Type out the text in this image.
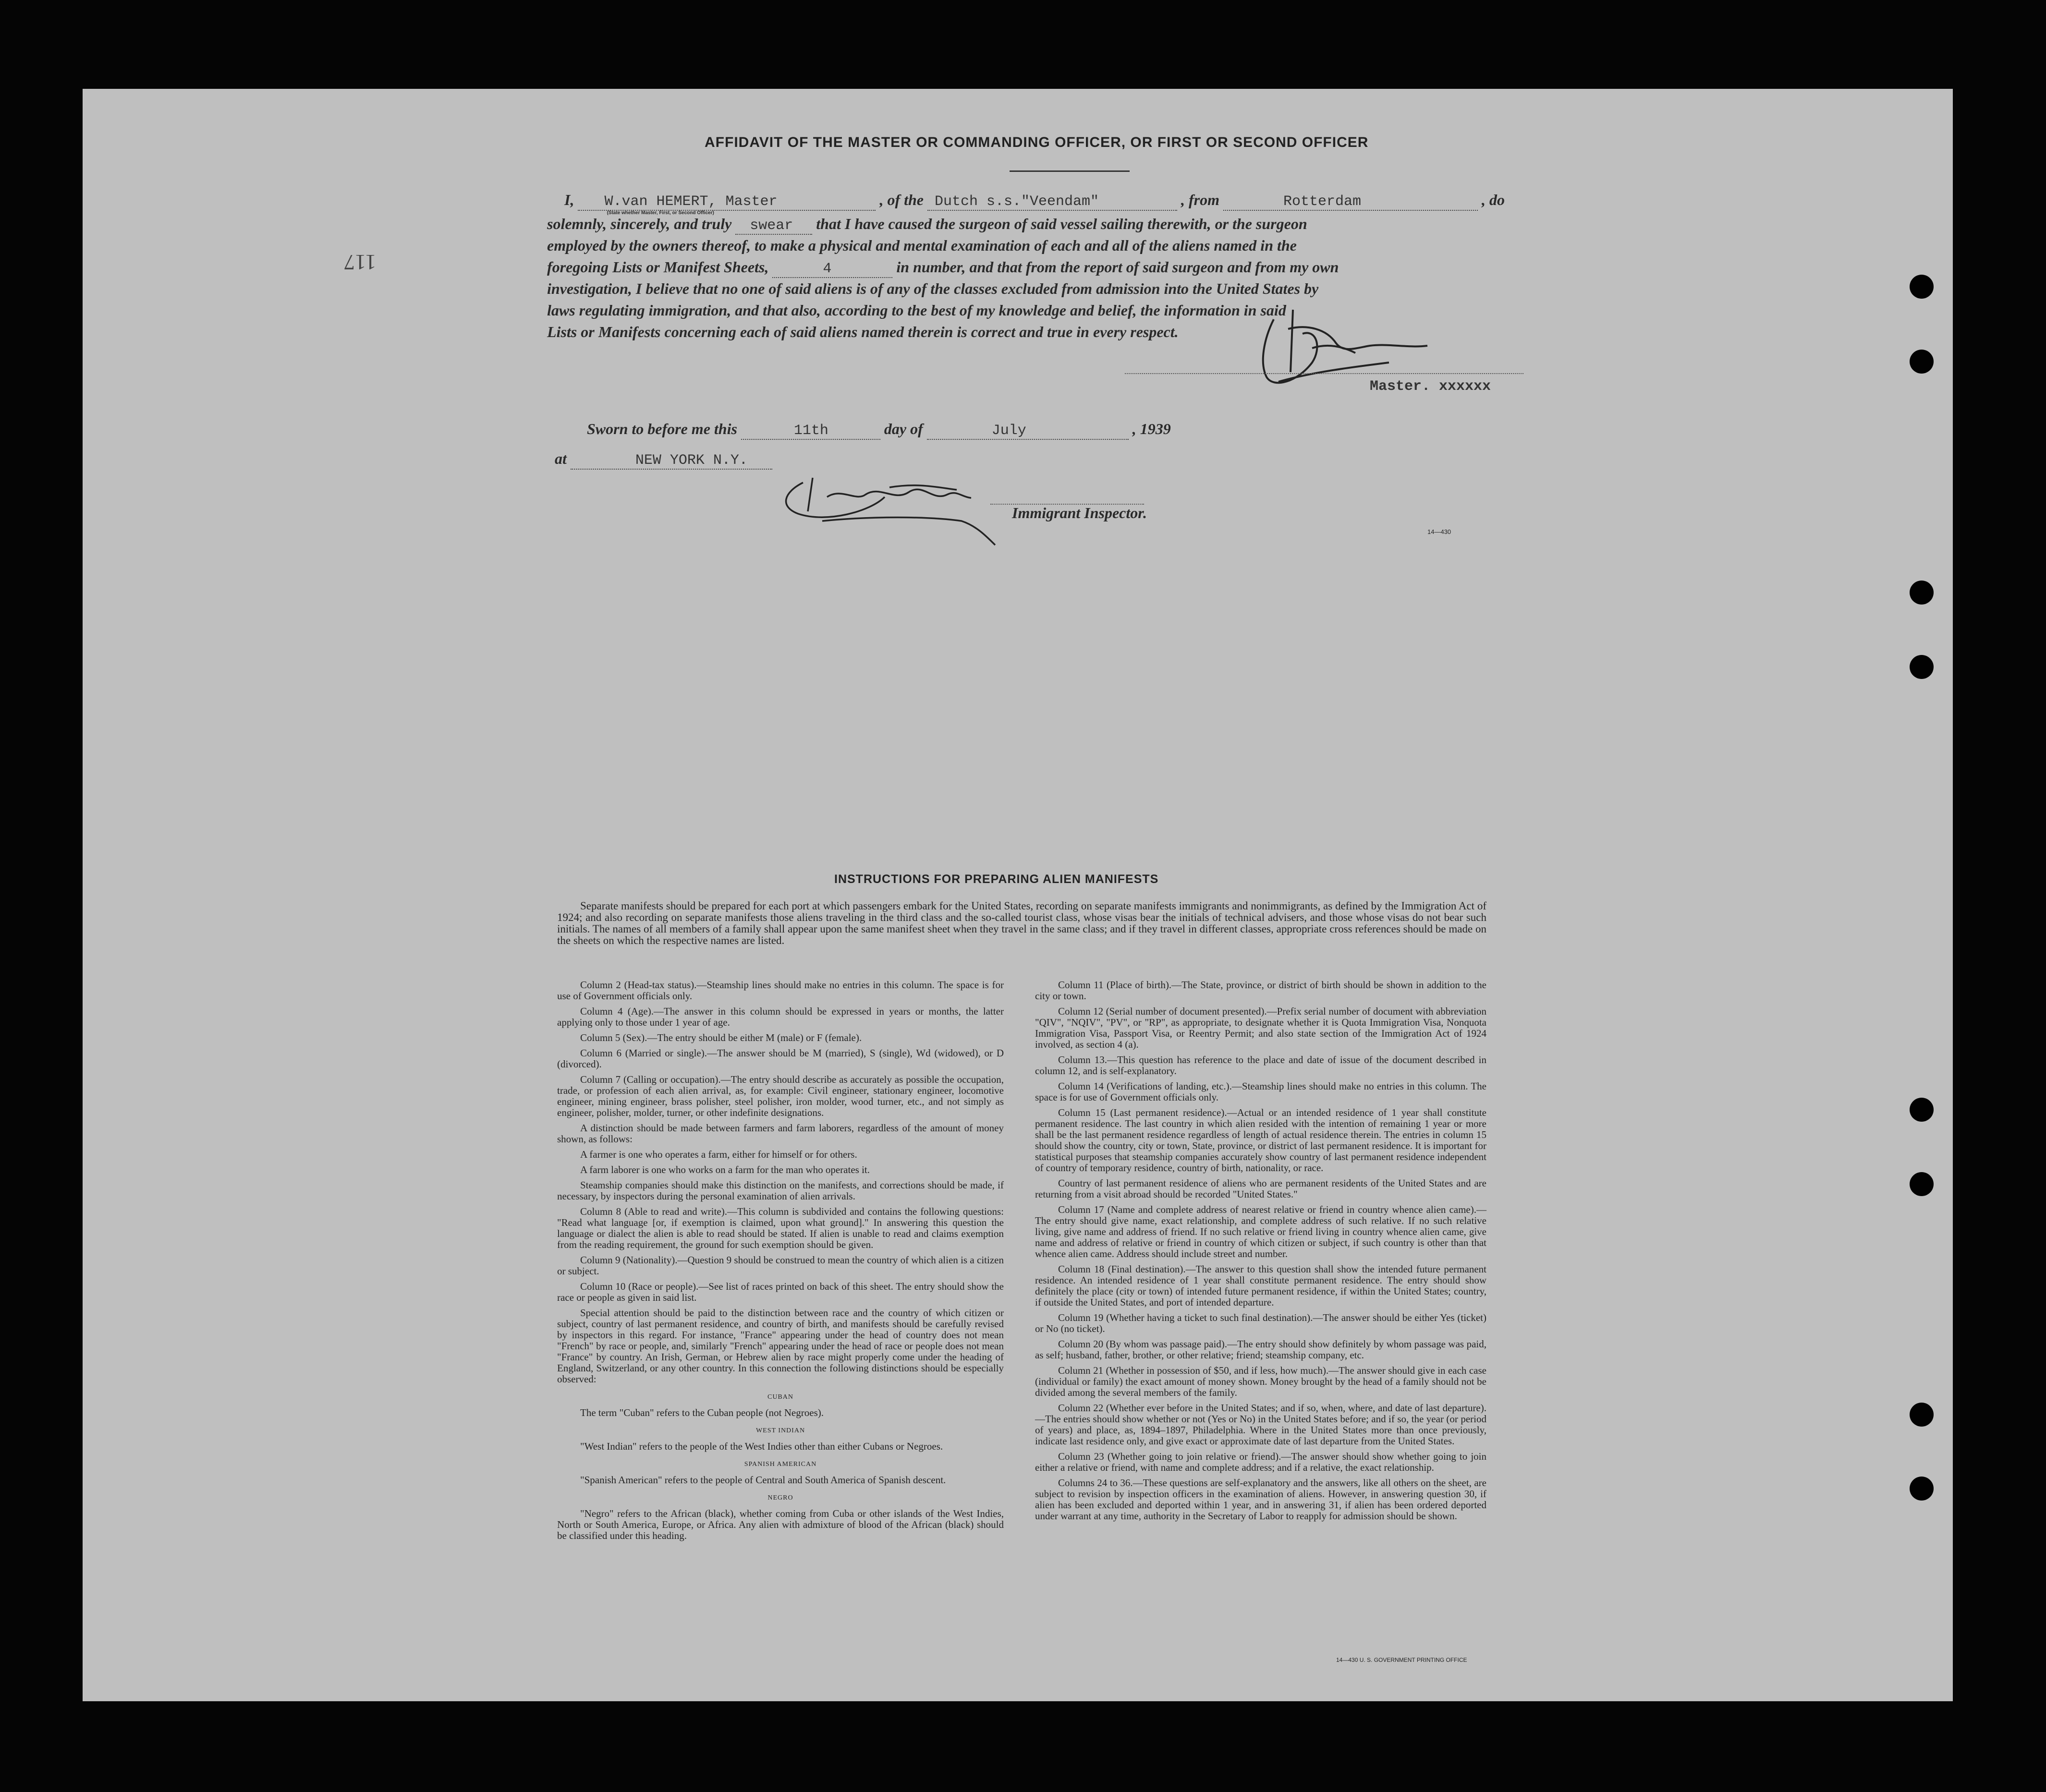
117
AFFIDAVIT OF THE MASTER OR COMMANDING OFFICER, OR FIRST OR SECOND OFFICER
I, W.van HEMERT, Master
(State whether Master, First, or Second Officer)
, of the Dutch s.s."Veendam"	, from	Rotterdam	, do
solemnly, sincerely, and truly swear that I have caused the surgeon of said vessel sailing therewith, or the surgeon
employed by the owners thereof, to make a physical and mental examination of each and all of the aliens named in the
foregoing Lists or Manifest Sheets,	4	in number, and that from the report of said surgeon and from my own
investigation, I believe that no one of said aliens is of any of the classes excluded from admission into the United States by
laws regulating immigration, and that also, according to the best of my knowledge and belief, the information in said
Lists or Manifests concerning each of said aliens named therein is correct and true in every respect.
Master. xxxxxx
Sworn to before me this	11th	day of	July	, 1939
at	NEW YORK N.Y.
Immigrant Inspector.
14—430
INSTRUCTIONS FOR PREPARING ALIEN MANIFESTS

Separate manifests should be prepared for each port at which passengers embark for the United States, recording on separate manifests immigrants and nonimmigrants, as defined by the Immigration Act of 1924; and also recording on separate manifests those aliens traveling in the third class and the so-called tourist class, whose visas bear the initials of technical advisers, and those whose visas do not bear such initials. The names of all members of a family shall appear upon the same manifest sheet when they travel in the same class; and if they travel in different classes, appropriate cross references should be made on the sheets on which the respective names are listed.

Column 2 (Head-tax status).—Steamship lines should make no entries in this column. The space is for use of Government officials only.

Column 4 (Age).—The answer in this column should be expressed in years or months, the latter applying only to those under 1 year of age.

Column 5 (Sex).—The entry should be either M (male) or F (female).

Column 6 (Married or single).—The answer should be M (married), S (single), Wd (widowed), or D (divorced).

Column 7 (Calling or occupation).—The entry should describe as accurately as possible the occupation, trade, or profession of each alien arrival, as, for example: Civil engineer, stationary engineer, locomotive engineer, mining engineer, brass polisher, steel polisher, iron molder, wood turner, etc., and not simply as engineer, polisher, molder, turner, or other indefinite designations.

A distinction should be made between farmers and farm laborers, regardless of the amount of money shown, as follows:

A farmer is one who operates a farm, either for himself or for others.

A farm laborer is one who works on a farm for the man who operates it.

Steamship companies should make this distinction on the manifests, and corrections should be made, if necessary, by inspectors during the personal examination of alien arrivals.

Column 8 (Able to read and write).—This column is subdivided and contains the following questions: "Read what language [or, if exemption is claimed, upon what ground]." In answering this question the language or dialect the alien is able to read should be stated. If alien is unable to read and claims exemption from the reading requirement, the ground for such exemption should be given.

Column 9 (Nationality).—Question 9 should be construed to mean the country of which alien is a citizen or subject.

Column 10 (Race or people).—See list of races printed on back of this sheet. The entry should show the race or people as given in said list.

Special attention should be paid to the distinction between race and the country of which citizen or subject, country of last permanent residence, and country of birth, and manifests should be carefully revised by inspectors in this regard. For instance, "France" appearing under the head of country does not mean "French" by race or people, and, similarly "French" appearing under the head of race or people does not mean "France" by country. An Irish, German, or Hebrew alien by race might properly come under the heading of England, Switzerland, or any other country. In this connection the following distinctions should be especially observed:

CUBAN

The term "Cuban" refers to the Cuban people (not Negroes).

WEST INDIAN

"West Indian" refers to the people of the West Indies other than either Cubans or Negroes.

SPANISH AMERICAN

"Spanish American" refers to the people of Central and South America of Spanish descent.

NEGRO

"Negro" refers to the African (black), whether coming from Cuba or other islands of the West Indies, North or South America, Europe, or Africa. Any alien with admixture of blood of the African (black) should be classified under this heading.

Column 11 (Place of birth).—The State, province, or district of birth should be shown in addition to the city or town.

Column 12 (Serial number of document presented).—Prefix serial number of document with abbreviation "QIV", "NQIV", "PV", or "RP", as appropriate, to designate whether it is Quota Immigration Visa, Nonquota Immigration Visa, Passport Visa, or Reentry Permit; and also state section of the Immigration Act of 1924 involved, as section 4 (a).

Column 13.—This question has reference to the place and date of issue of the document described in column 12, and is self-explanatory.

Column 14 (Verifications of landing, etc.).—Steamship lines should make no entries in this column. The space is for use of Government officials only.

Column 15 (Last permanent residence).—Actual or an intended residence of 1 year shall constitute permanent residence. The last country in which alien resided with the intention of remaining 1 year or more shall be the last permanent residence regardless of length of actual residence therein. The entries in column 15 should show the country, city or town, State, province, or district of last permanent residence. It is important for statistical purposes that steamship companies accurately show country of last permanent residence independent of country of temporary residence, country of birth, nationality, or race.

Country of last permanent residence of aliens who are permanent residents of the United States and are returning from a visit abroad should be recorded "United States."

Column 17 (Name and complete address of nearest relative or friend in country whence alien came).—The entry should give name, exact relationship, and complete address of such relative. If no such relative living, give name and address of friend. If no such relative or friend living in country whence alien came, give name and address of relative or friend in country of which citizen or subject, if such country is other than that whence alien came. Address should include street and number.

Column 18 (Final destination).—The answer to this question shall show the intended future permanent residence. An intended residence of 1 year shall constitute permanent residence. The entry should show definitely the place (city or town) of intended future permanent residence, if within the United States; country, if outside the United States, and port of intended departure.

Column 19 (Whether having a ticket to such final destination).—The answer should be either Yes (ticket) or No (no ticket).

Column 20 (By whom was passage paid).—The entry should show definitely by whom passage was paid, as self; husband, father, brother, or other relative; friend; steamship company, etc.

Column 21 (Whether in possession of $50, and if less, how much).—The answer should give in each case (individual or family) the exact amount of money shown. Money brought by the head of a family should not be divided among the several members of the family.

Column 22 (Whether ever before in the United States; and if so, when, where, and date of last departure).—The entries should show whether or not (Yes or No) in the United States before; and if so, the year (or period of years) and place, as, 1894–1897, Philadelphia. Where in the United States more than once previously, indicate last residence only, and give exact or approximate date of last departure from the United States.

Column 23 (Whether going to join relative or friend).—The answer should show whether going to join either a relative or friend, with name and complete address; and if a relative, the exact relationship.

Columns 24 to 36.—These questions are self-explanatory and the answers, like all others on the sheet, are subject to revision by inspection officers in the examination of aliens. However, in answering question 30, if alien has been excluded and deported within 1 year, and in answering 31, if alien has been ordered deported under warrant at any time, authority in the Secretary of Labor to reapply for admission should be shown.

14—430 U. S. GOVERNMENT PRINTING OFFICE
